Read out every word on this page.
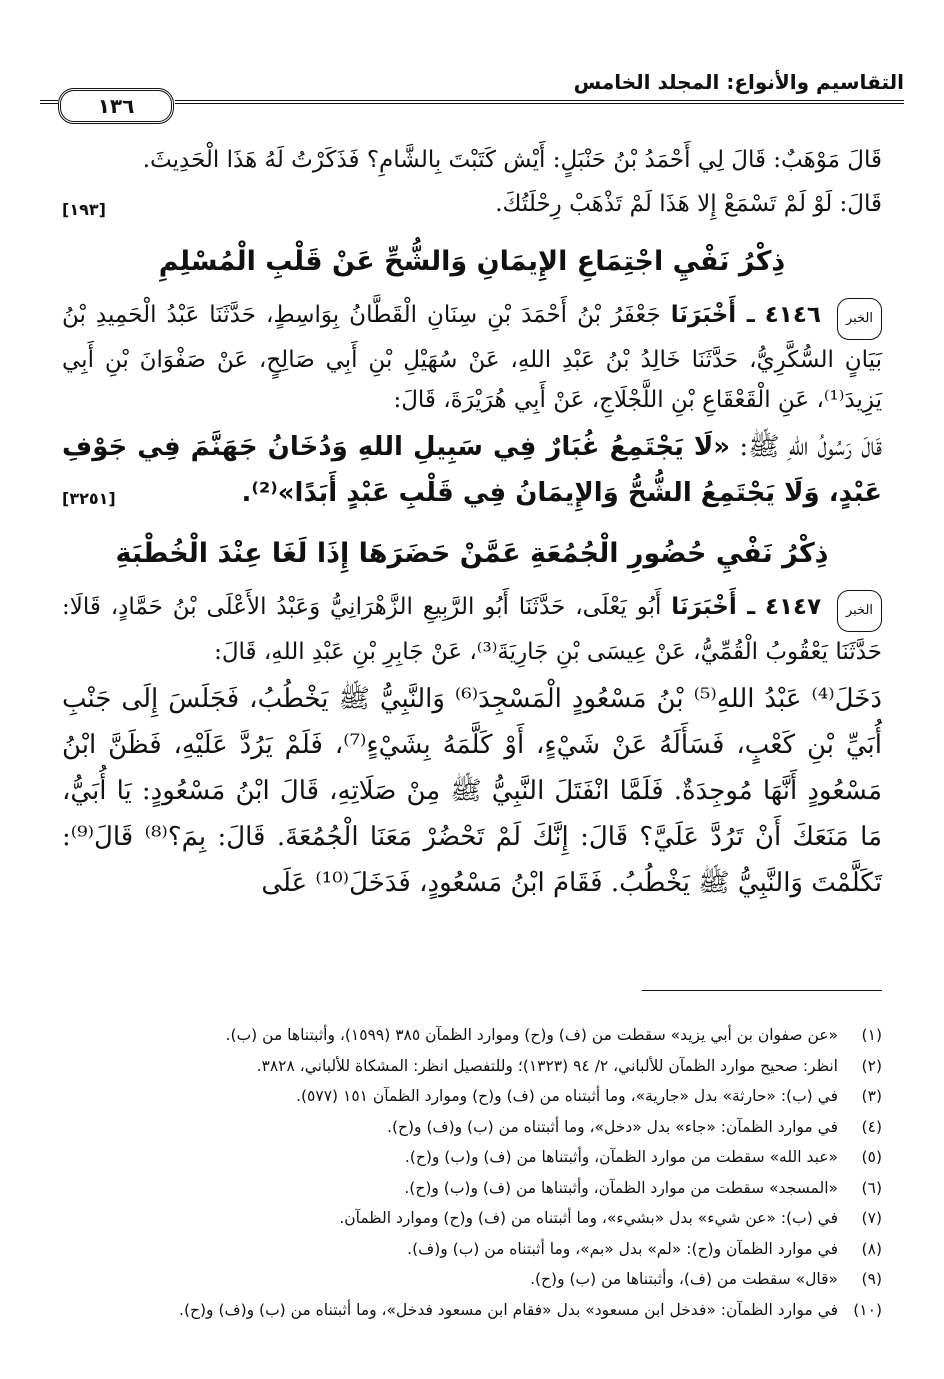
التقاسيم والأنواع: المجلد الخامس
١٣٦

قَالَ مَوْهَبٌ: قَالَ لِي أَحْمَدُ بْنُ حَنْبَلٍ: أَيْش كَتَبْتَ بِالشَّامِ؟ فَذَكَرْتُ لَهُ هَذَا الْحَدِيثَ.

قَالَ: لَوْ لَمْ تَسْمَعْ إِلا هَذَا لَمْ تَذْهَبْ رِحْلَتُكَ.
[١٩٣]

ذِكْرُ نَفْيِ اجْتِمَاعِ الإِيمَانِ وَالشُّحِّ عَنْ قَلْبِ الْمُسْلِمِ

الخبر ٤١٤٦ ـ أَخْبَرَنَا جَعْفَرُ بْنُ أَحْمَدَ بْنِ سِنَانِ الْقَطَّانُ بِوَاسِطٍ، حَدَّثَنَا عَبْدُ الْحَمِيدِ بْنُ بَيَانٍ السُّكَّرِيُّ، حَدَّثَنَا خَالِدُ بْنُ عَبْدِ اللهِ، عَنْ سُهَيْلِ بْنِ أَبِي صَالِحٍ، عَنْ صَفْوَانَ بْنِ أَبِي يَزِيدَ⁽¹⁾، عَنِ الْقَعْقَاعِ بْنِ اللَّجْلَاجِ، عَنْ أَبِي هُرَيْرَةَ، قَالَ:

قَالَ رَسُولُ اللهِ ﷺ: «لَا يَجْتَمِعُ غُبَارٌ فِي سَبِيلِ اللهِ وَدُخَانُ جَهَنَّمَ فِي جَوْفِ عَبْدٍ، وَلَا يَجْتَمِعُ الشُّحُّ وَالإِيمَانُ فِي قَلْبِ عَبْدٍ أَبَدًا»⁽²⁾.
[٣٢٥١]

ذِكْرُ نَفْيِ حُضُورِ الْجُمُعَةِ عَمَّنْ حَضَرَهَا إِذَا لَغَا عِنْدَ الْخُطْبَةِ

الخبر ٤١٤٧ ـ أَخْبَرَنَا أَبُو يَعْلَى، حَدَّثَنَا أَبُو الرَّبِيعِ الزَّهْرَانِيُّ وَعَبْدُ الأَعْلَى بْنُ حَمَّادٍ، قَالَا: حَدَّثَنَا يَعْقُوبُ الْقُمِّيُّ، عَنْ عِيسَى بْنِ جَارِيَةَ⁽³⁾، عَنْ جَابِرِ بْنِ عَبْدِ اللهِ، قَالَ:

دَخَلَ⁽⁴⁾ عَبْدُ اللهِ⁽⁵⁾ بْنُ مَسْعُودٍ الْمَسْجِدَ⁽⁶⁾ وَالنَّبِيُّ ﷺ يَخْطُبُ، فَجَلَسَ إِلَى جَنْبِ أُبَيِّ بْنِ كَعْبٍ، فَسَأَلَهُ عَنْ شَيْءٍ، أَوْ كَلَّمَهُ بِشَيْءٍ⁽⁷⁾، فَلَمْ يَرُدَّ عَلَيْهِ، فَظَنَّ ابْنُ مَسْعُودٍ أَنَّهَا مُوجِدَةٌ. فَلَمَّا انْفَتَلَ النَّبِيُّ ﷺ مِنْ صَلَاتِهِ، قَالَ ابْنُ مَسْعُودٍ: يَا أُبَيُّ، مَا مَنَعَكَ أَنْ تَرُدَّ عَلَيَّ؟ قَالَ: إِنَّكَ لَمْ تَحْضُرْ مَعَنَا الْجُمُعَةَ. قَالَ: بِمَ؟⁽⁸⁾ قَالَ⁽⁹⁾: تَكَلَّمْتَ وَالنَّبِيُّ ﷺ يَخْطُبُ. فَقَامَ ابْنُ مَسْعُودٍ، فَدَخَلَ⁽¹⁰⁾ عَلَى

(١)«عن صفوان بن أبي يزيد» سقطت من (ف) و(ح) وموارد الظمآن ٣٨٥ (١٥٩٩)، وأثبتناها من (ب).
(٢)انظر: صحيح موارد الظمآن للألباني، ٢/ ٩٤ (١٣٢٣)؛ وللتفصيل انظر: المشكاة للألباني، ٣٨٢٨.
(٣)في (ب): «حارثة» بدل «جارية»، وما أثبتناه من (ف) و(ح) وموارد الظمآن ١٥١ (٥٧٧).
(٤)في موارد الظمآن: «جاء» بدل «دخل»، وما أثبتناه من (ب) و(ف) و(ح).
(٥)«عبد الله» سقطت من موارد الظمآن، وأثبتناها من (ف) و(ب) و(ح).
(٦)«المسجد» سقطت من موارد الظمآن، وأثبتناها من (ف) و(ب) و(ح).
(٧)في (ب): «عن شيء» بدل «بشيء»، وما أثبتناه من (ف) و(ح) وموارد الظمآن.
(٨)في موارد الظمآن و(ح): «لم» بدل «بم»، وما أثبتناه من (ب) و(ف).
(٩)«قال» سقطت من (ف)، وأثبتناها من (ب) و(ح).
(١٠)في موارد الظمآن: «فدخل ابن مسعود» بدل «فقام ابن مسعود فدخل»، وما أثبتناه من (ب) و(ف) و(ح).
